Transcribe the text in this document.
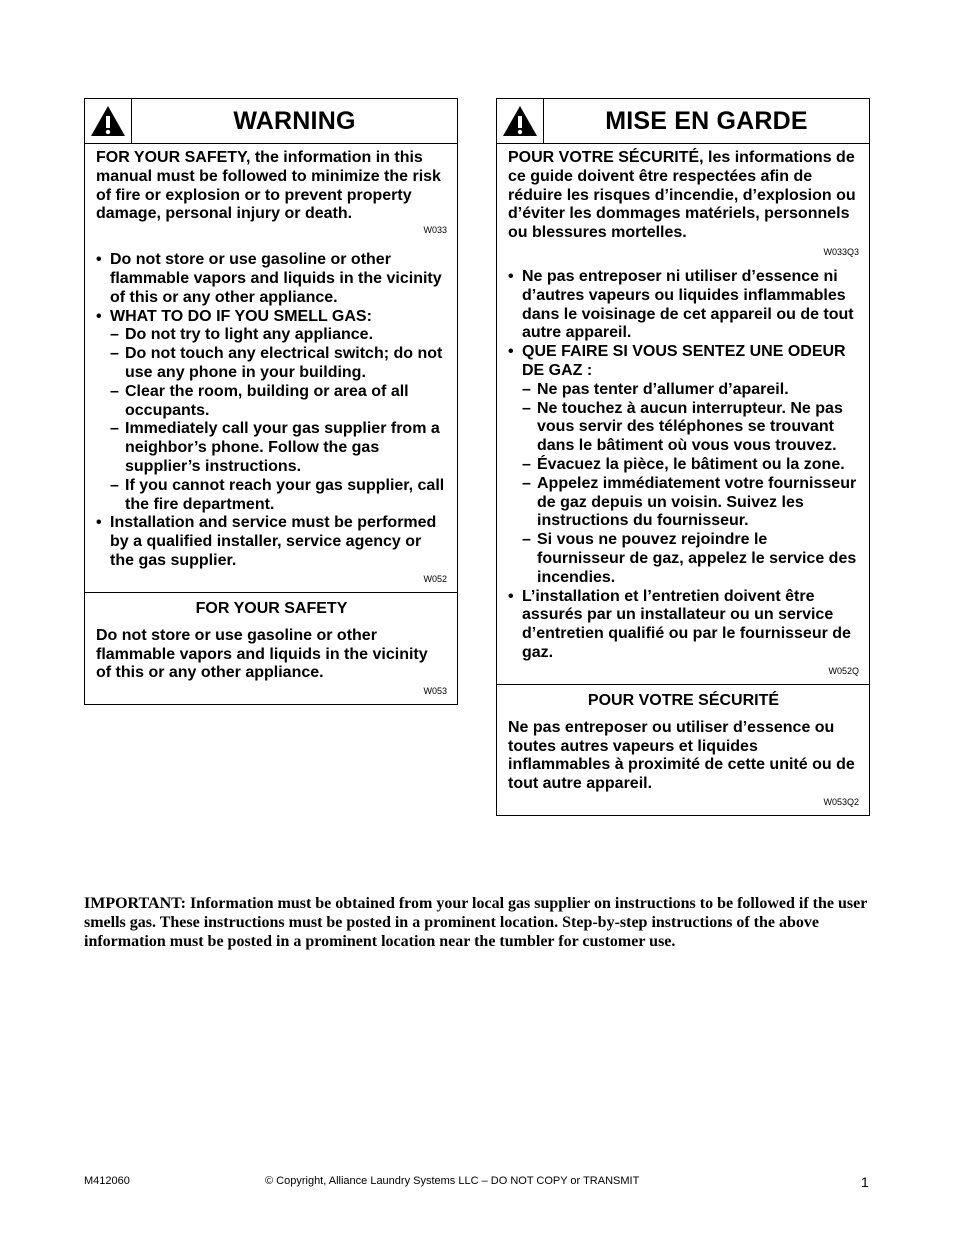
WARNING
FOR YOUR SAFETY, the information in this manual must be followed to minimize the risk of fire or explosion or to prevent property damage, personal injury or death.
W033
• Do not store or use gasoline or other flammable vapors and liquids in the vicinity of this or any other appliance.
• WHAT TO DO IF YOU SMELL GAS:
– Do not try to light any appliance.
– Do not touch any electrical switch; do not use any phone in your building.
– Clear the room, building or area of all occupants.
– Immediately call your gas supplier from a neighbor’s phone. Follow the gas supplier’s instructions.
– If you cannot reach your gas supplier, call the fire department.
• Installation and service must be performed by a qualified installer, service agency or the gas supplier.
W052
FOR YOUR SAFETY
Do not store or use gasoline or other flammable vapors and liquids in the vicinity of this or any other appliance.
W053
MISE EN GARDE
POUR VOTRE SÉCURITÉ, les informations de ce guide doivent être respectées afin de réduire les risques d’incendie, d’explosion ou d’éviter les dommages matériels, personnels ou blessures mortelles.
W033Q3
• Ne pas entreposer ni utiliser d’essence ni d’autres vapeurs ou liquides inflammables dans le voisinage de cet appareil ou de tout autre appareil.
• QUE FAIRE SI VOUS SENTEZ UNE ODEUR DE GAZ :
– Ne pas tenter d’allumer d’apareil.
– Ne touchez à aucun interrupteur. Ne pas vous servir des téléphones se trouvant dans le bâtiment où vous vous trouvez.
– Évacuez la pièce, le bâtiment ou la zone.
– Appelez immédiatement votre fournisseur de gaz depuis un voisin. Suivez les instructions du fournisseur.
– Si vous ne pouvez rejoindre le fournisseur de gaz, appelez le service des incendies.
• L’installation et l’entretien doivent être assurés par un installateur ou un service d’entretien qualifié ou par le fournisseur de gaz.
W052Q
POUR VOTRE SÉCURITÉ
Ne pas entreposer ou utiliser d’essence ou toutes autres vapeurs et liquides inflammables à proximité de cette unité ou de tout autre appareil.
W053Q2
IMPORTANT: Information must be obtained from your local gas supplier on instructions to be followed if the user smells gas. These instructions must be posted in a prominent location. Step-by-step instructions of the above information must be posted in a prominent location near the tumbler for customer use.
M412060	© Copyright, Alliance Laundry Systems LLC – DO NOT COPY or TRANSMIT	1
